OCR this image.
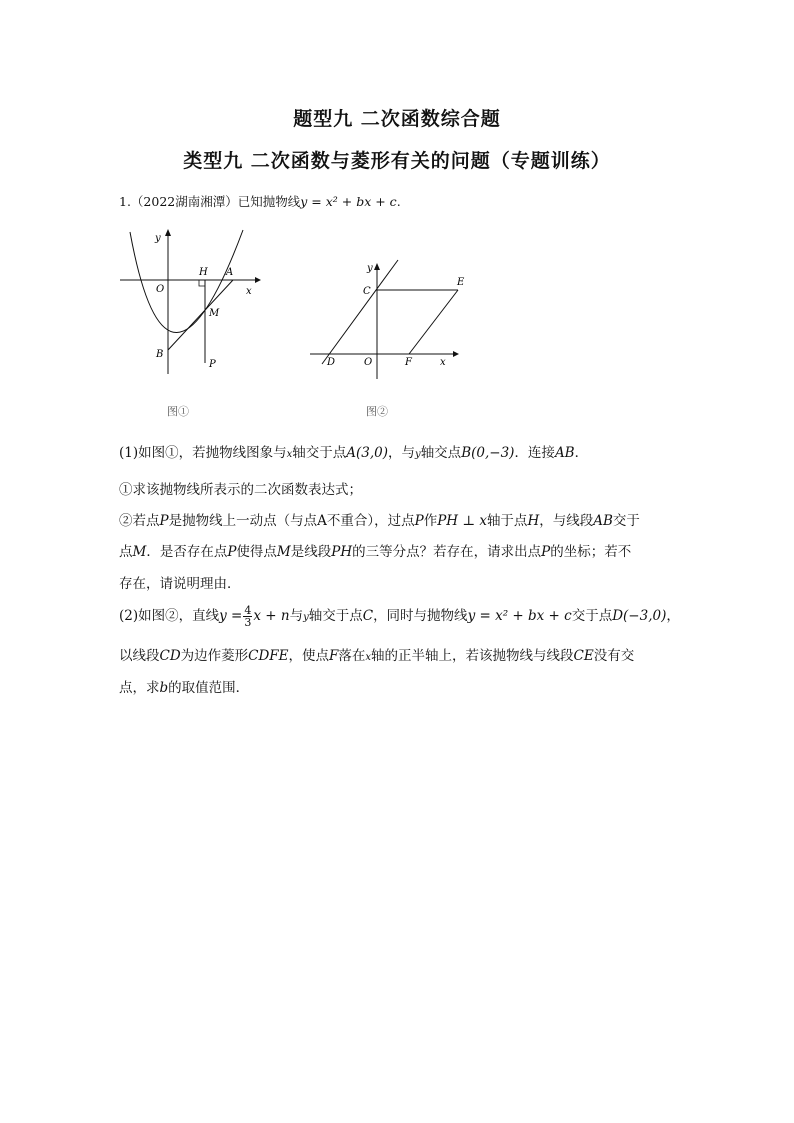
题型九 二次函数综合题
类型九 二次函数与菱形有关的问题（专题训练）
1.（2022湖南湘潭）已知抛物线y = x² + bx + c.
y
x
O
H A
M
B
P
图①
y
C
E
D	O	F	x
图②
(1)如图①，若抛物线图象与x轴交于点A(3,0)，与y轴交点B(0,−3)．连接AB．
①求该抛物线所表示的二次函数表达式；
②若点P是抛物线上一动点（与点A不重合），过点P作PH ⊥ x轴于点H，与线段AB交于
点M．是否存在点P使得点M是线段PH的三等分点？若存在，请求出点P的坐标；若不
存在，请说明理由．
(2)如图②，直线$y = \frac{4}{3}$ x + n与y轴交于点C，同时与抛物线y = x² + bx + c交于点D(−3,0)，
以线段CD为边作菱形CDFE，使点F落在x轴的正半轴上，若该抛物线与线段CE没有交
点，求b的取值范围．
